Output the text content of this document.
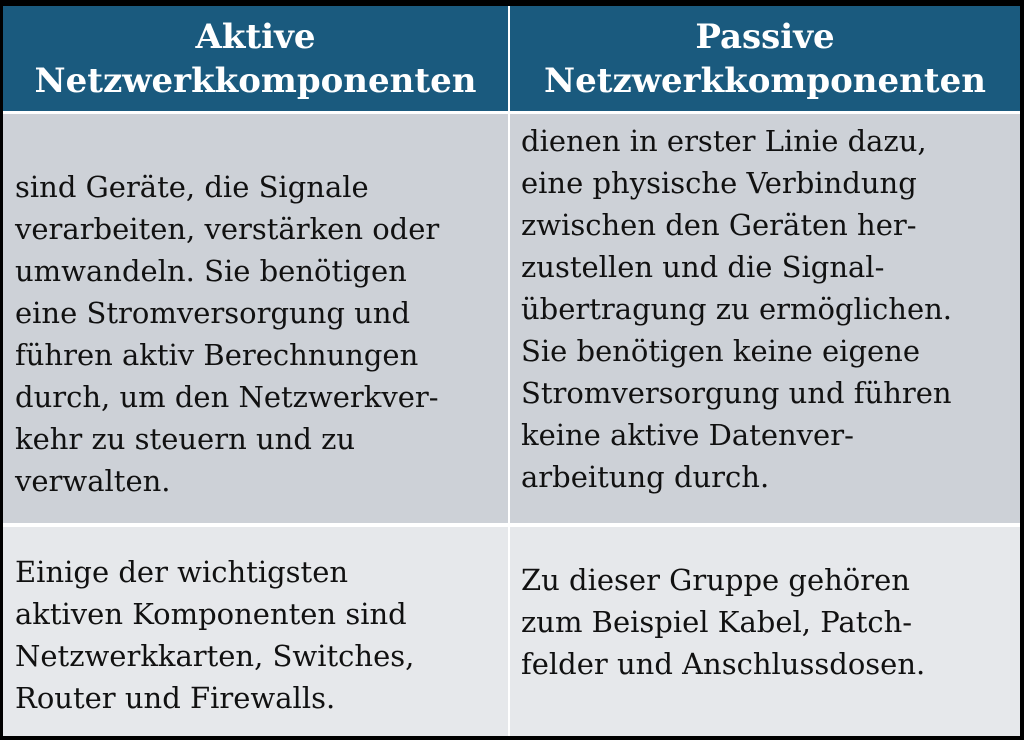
Aktive
Netzwerkkomponenten
Passive
Netzwerkkomponenten
sind Geräte, die Signale
verarbeiten, verstärken oder
umwandeln. Sie benötigen
eine Stromversorgung und
führen aktiv Berechnungen
durch, um den Netzwerkver-
kehr zu steuern und zu
verwalten.
dienen in erster Linie dazu,
eine physische Verbindung
zwischen den Geräten her-
zustellen und die Signal-
übertragung zu ermöglichen.
Sie benötigen keine eigene
Stromversorgung und führen
keine aktive Datenver-
arbeitung durch.
Einige der wichtigsten
aktiven Komponenten sind
Netzwerkkarten, Switches,
Router und Firewalls.
Zu dieser Gruppe gehören
zum Beispiel Kabel, Patch-
felder und Anschlussdosen.
